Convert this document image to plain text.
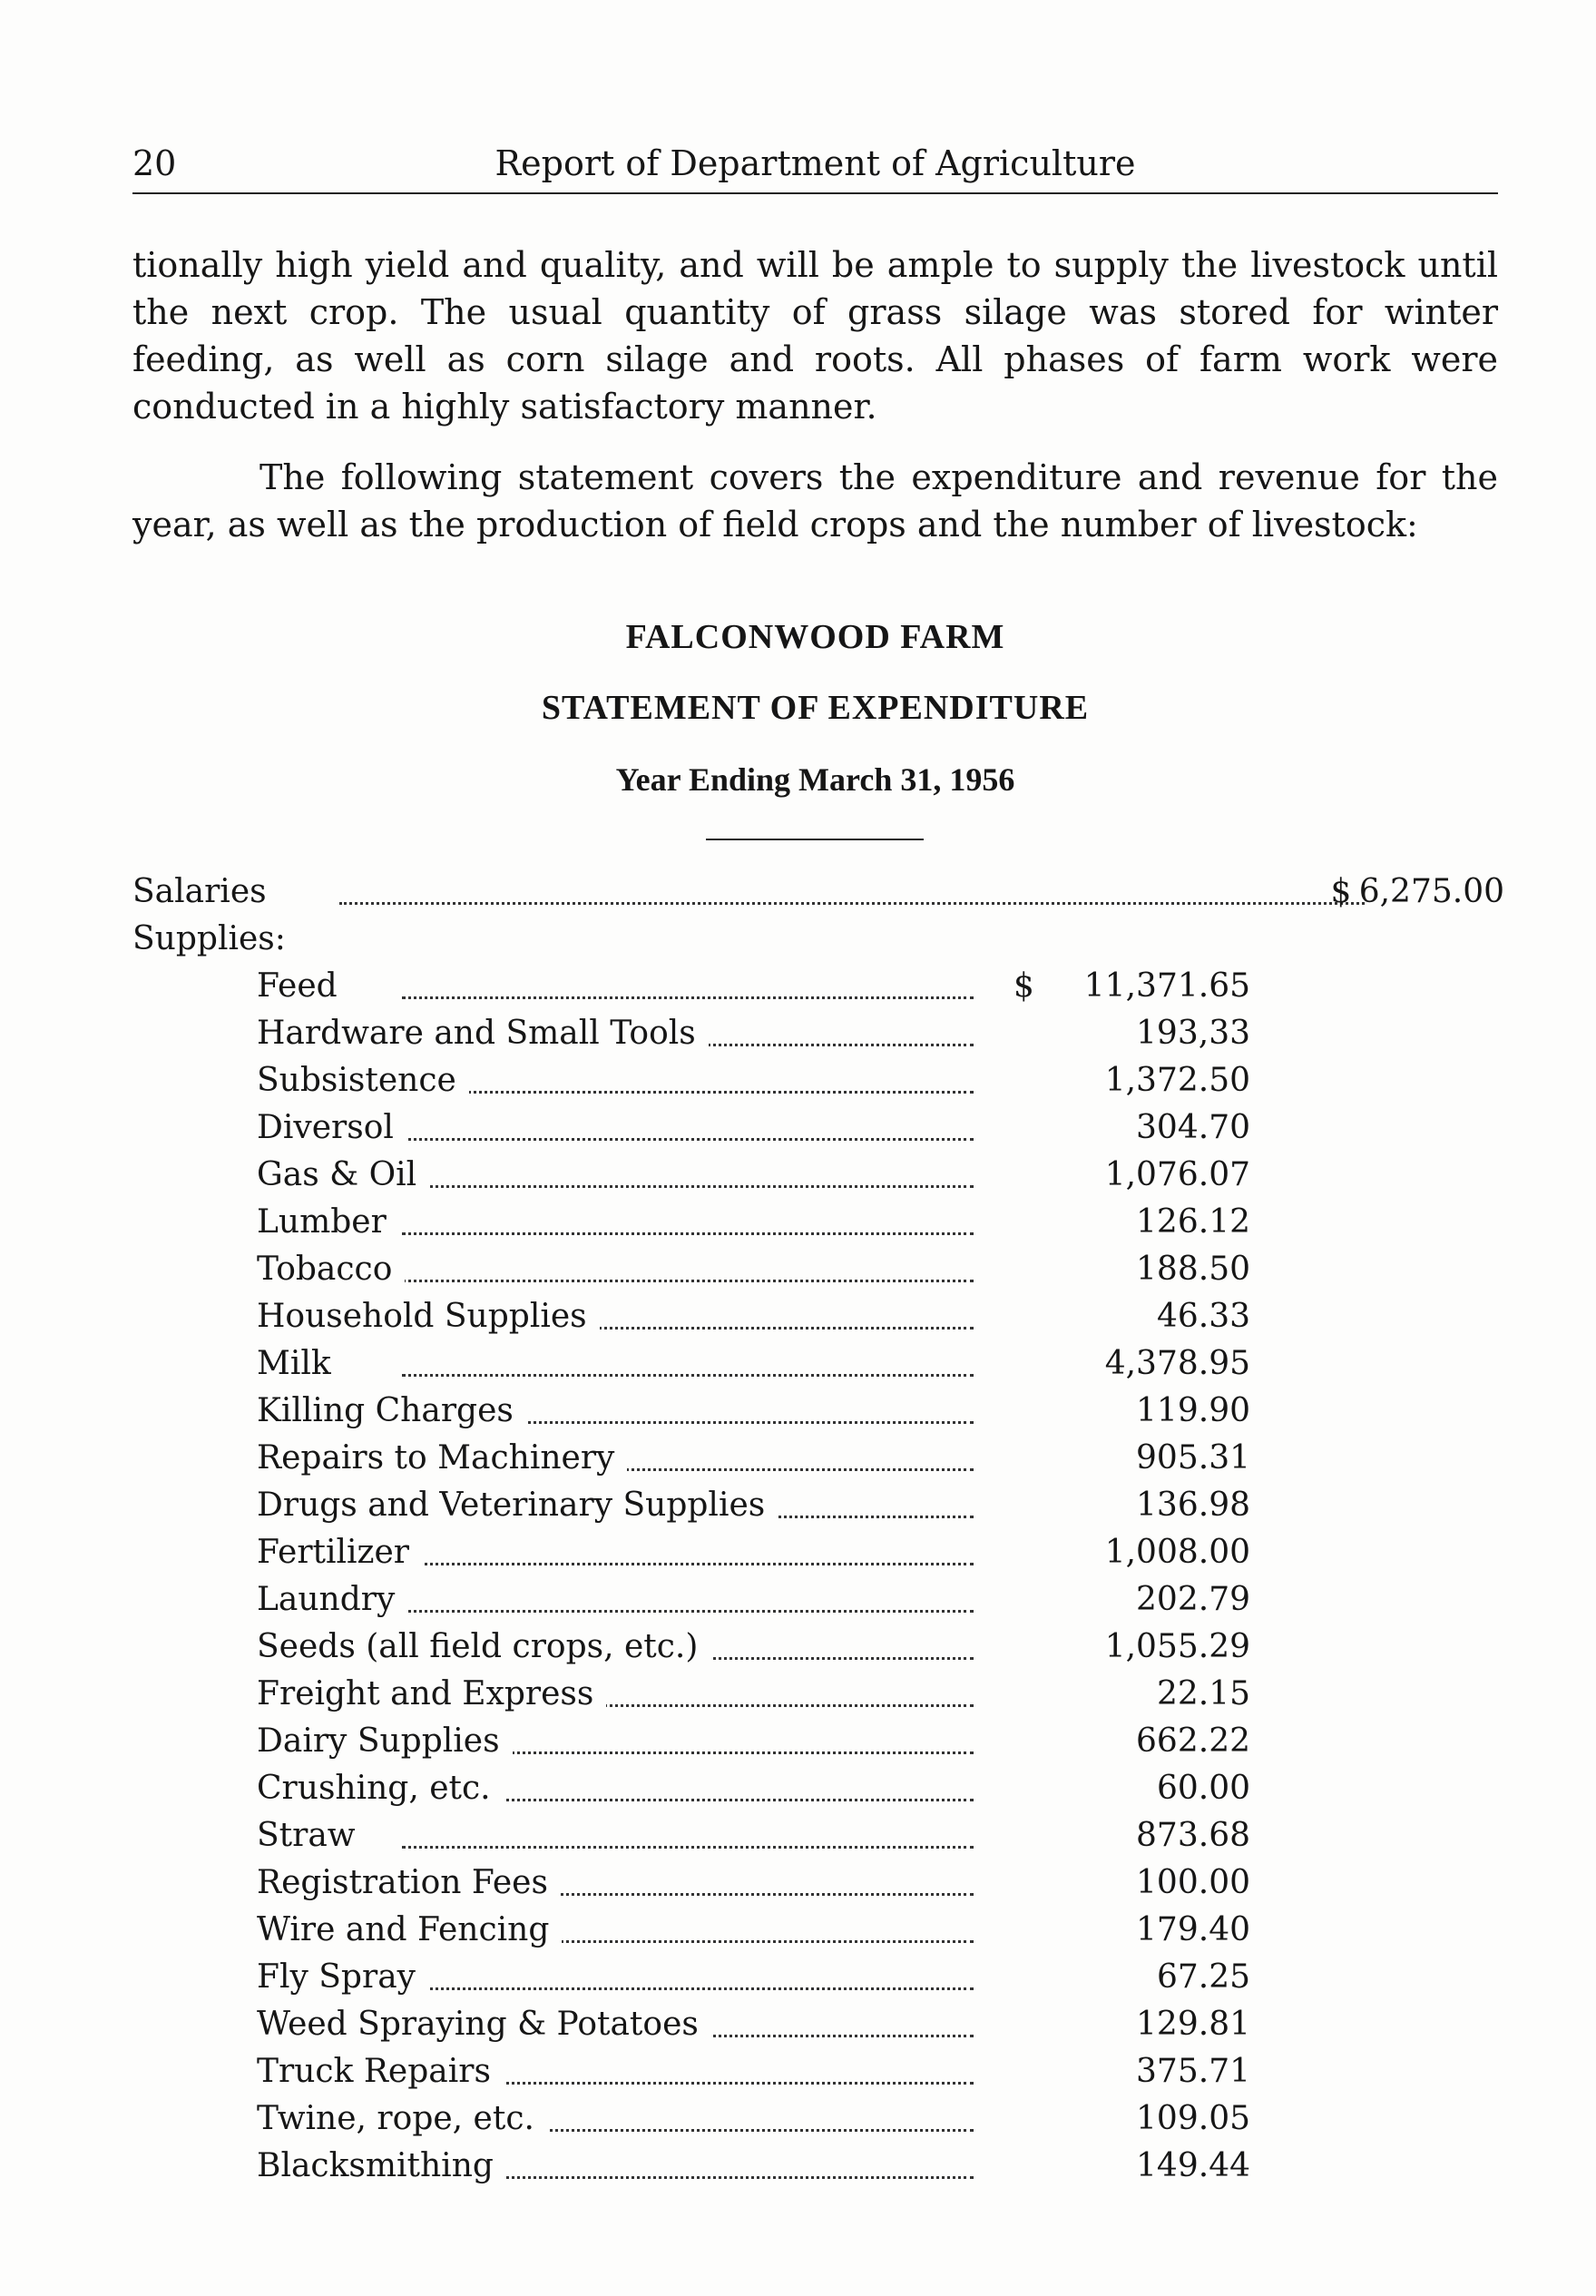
20	Report of Department of Agriculture

tionally high yield and quality, and will be ample to supply the livestock until the next crop. The usual quantity of grass silage was stored for winter feeding, as well as corn silage and roots. All phases of farm work were conducted in a highly satisfactory manner.

The following statement covers the expenditure and revenue for the year, as well as the production of field crops and the number of livestock:

FALCONWOOD FARM
STATEMENT OF EXPENDITURE
Year Ending March 31, 1956
Salaries	$ 6,275.00
Supplies:
Feed	$ 11,371.65
Hardware and Small Tools	193,33
Subsistence	1,372.50
Diversol	304.70
Gas & Oil	1,076.07
Lumber	126.12
Tobacco	188.50
Household Supplies	46.33
Milk	4,378.95
Killing Charges	119.90
Repairs to Machinery	905.31
Drugs and Veterinary Supplies	136.98
Fertilizer	1,008.00
Laundry	202.79
Seeds (all field crops, etc.)	1,055.29
Freight and Express	22.15
Dairy Supplies	662.22
Crushing, etc.	60.00
Straw	873.68
Registration Fees	100.00
Wire and Fencing	179.40
Fly Spray	67.25
Weed Spraying & Potatoes	129.81
Truck Repairs	375.71
Twine, rope, etc.	109.05
Blacksmithing	149.44
